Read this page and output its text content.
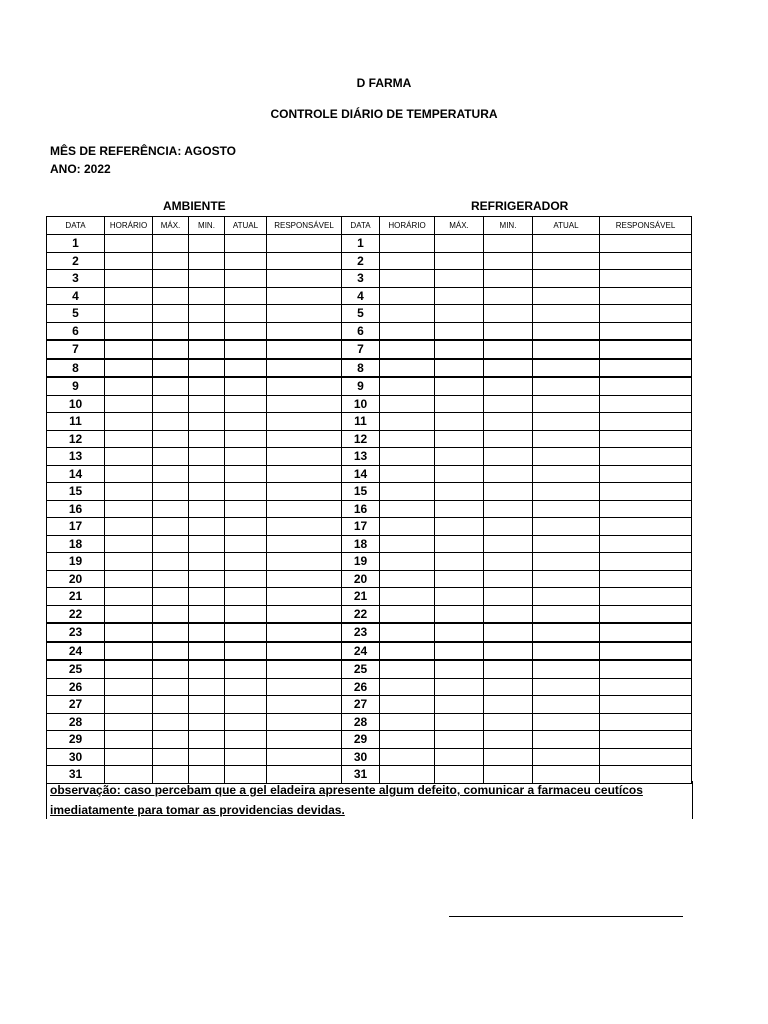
D FARMA
CONTROLE DIÁRIO DE TEMPERATURA
MÊS DE REFERÊNCIA: AGOSTO
ANO: 2022
AMBIENTE	REFRIGERADOR
DATA	HORÁRIO	MÁX.	MIN.	ATUAL	RESPONSÁVEL	DATA	HORÁRIO	MÁX.	MIN.	ATUAL	RESPONSÁVEL
1						1					
2						2					
3						3					
4						4					
5						5					
6						6					
7						7					
8						8					
9						9					
10						10					
11						11					
12						12					
13						13					
14						14					
15						15					
16						16					
17						17					
18						18					
19						19					
20						20					
21						21					
22						22					
23						23					
24						24					
25						25					
26						26					
27						27					
28						28					
29						29					
30						30					
31						31					
observação: caso percebam que a gel eladeira apresente algum defeito, comunicar a farmaceu ceutícos
imediatamente para tomar as providencias devidas.
